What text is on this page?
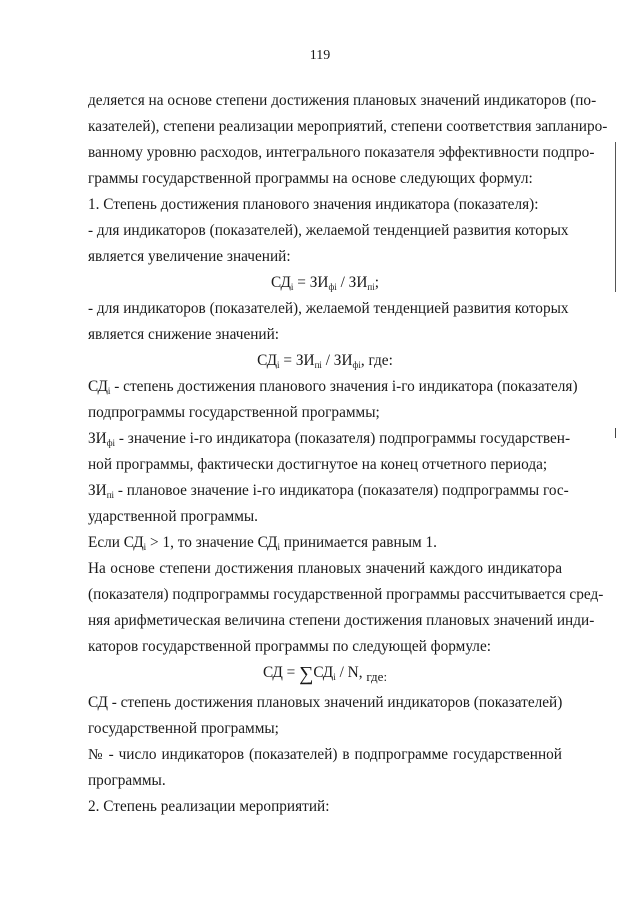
119
деляется на основе степени достижения плановых значений индикаторов (по-
казателей), степени реализации мероприятий, степени соответствия запланиро-
ванному уровню расходов, интегрального показателя эффективности подпро-
граммы государственной программы на основе следующих формул:
1. Степень достижения планового значения индикатора (показателя):
- для индикаторов (показателей), желаемой тенденцией развития которых
является увеличение значений:
$СД_i = ЗИ_{фi} / ЗИ_{пi}$;
- для индикаторов (показателей), желаемой тенденцией развития которых
является снижение значений:
$СД_i = ЗИ_{пi} / ЗИ_{фi}$, где:
$СД_i$ - степень достижения планового значения i-го индикатора (показателя)
подпрограммы государственной программы;
$ЗИ_{фi}$ - значение i-го индикатора (показателя) подпрограммы государствен-
ной программы, фактически достигнутое на конец отчетного периода;
$ЗИ_{пi}$ - плановое значение i-го индикатора (показателя) подпрограммы гос-
ударственной программы.
Если $СД_i > 1$, то значение $СД_i$ принимается равным 1.
На основе степени достижения плановых значений каждого индикатора
(показателя) подпрограммы государственной программы рассчитывается сред-
няя арифметическая величина степени достижения плановых значений инди-
каторов государственной программы по следующей формуле:
СД = $\sum СД_i$ / N, $_{где:}$
СД - степень достижения плановых значений индикаторов (показателей)
государственной программы;
№ - число индикаторов (показателей) в подпрограмме государственной
программы.
2. Степень реализации мероприятий:
